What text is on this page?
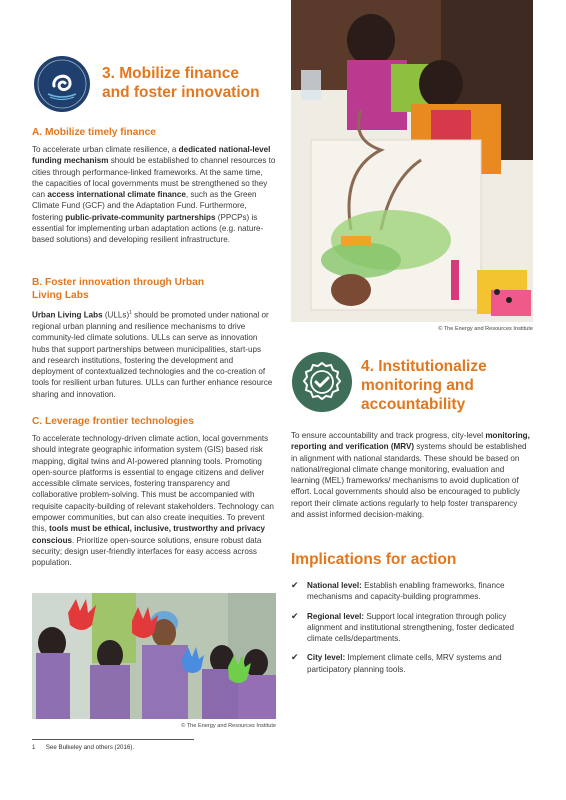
3. Mobilize finance
and foster innovation
A. Mobilize timely finance
To accelerate urban climate resilience, a dedicated national-level funding mechanism should be established to channel resources to cities through performance-linked frameworks. At the same time, the capacities of local governments must be strengthened so they can access international climate finance, such as the Green Climate Fund (GCF) and the Adaptation Fund. Furthermore, fostering public-private-community partnerships (PPCPs) is essential for implementing urban adaptation actions (e.g. nature-based solutions) and developing resilient infrastructure.
B. Foster innovation through Urban
Living Labs
Urban Living Labs (ULLs)$^1$ should be promoted under national or regional urban planning and resilience mechanisms to drive community-led climate solutions. ULLs can serve as innovation hubs that support partnerships between municipalities, start-ups and research institutions, fostering the development and deployment of contextualized technologies and the co-creation of tools for resilient urban futures. ULLs can further enhance resource sharing and innovation.
C. Leverage frontier technologies
To accelerate technology-driven climate action, local governments should integrate geographic information system (GIS) based risk mapping, digital twins and AI-powered planning tools. Promoting open-source platforms is essential to engage citizens and deliver accessible climate services, fostering transparency and collaborative problem-solving. This must be accompanied with requisite capacity-building of relevant stakeholders. Technology can empower communities, but can also create inequities. To prevent this, tools must be ethical, inclusive, trustworthy and privacy conscious. Prioritize open-source solutions, ensure robust data security; design user-friendly interfaces for easy access across population.
© The Energy and Resources Institute
1      See Bulkeley and others (2016).
© The Energy and Resources Institute
4. Institutionalize
monitoring and
accountability
To ensure accountability and track progress, city-level monitoring, reporting and verification (MRV) systems should be established in alignment with national standards. These should be based on national/regional climate change monitoring, evaluation and learning (MEL) frameworks/ mechanisms to avoid duplication of effort. Local governments should also be encouraged to publicly report their climate actions regularly to help foster transparency and assist informed decision-making.
Implications for action
✔	National level: Establish enabling frameworks, finance mechanisms and capacity-building programmes.
✔	Regional level: Support local integration through policy alignment and institutional strengthening, foster dedicated climate cells/departments.
✔	City level: Implement climate cells, MRV systems and participatory planning tools.
